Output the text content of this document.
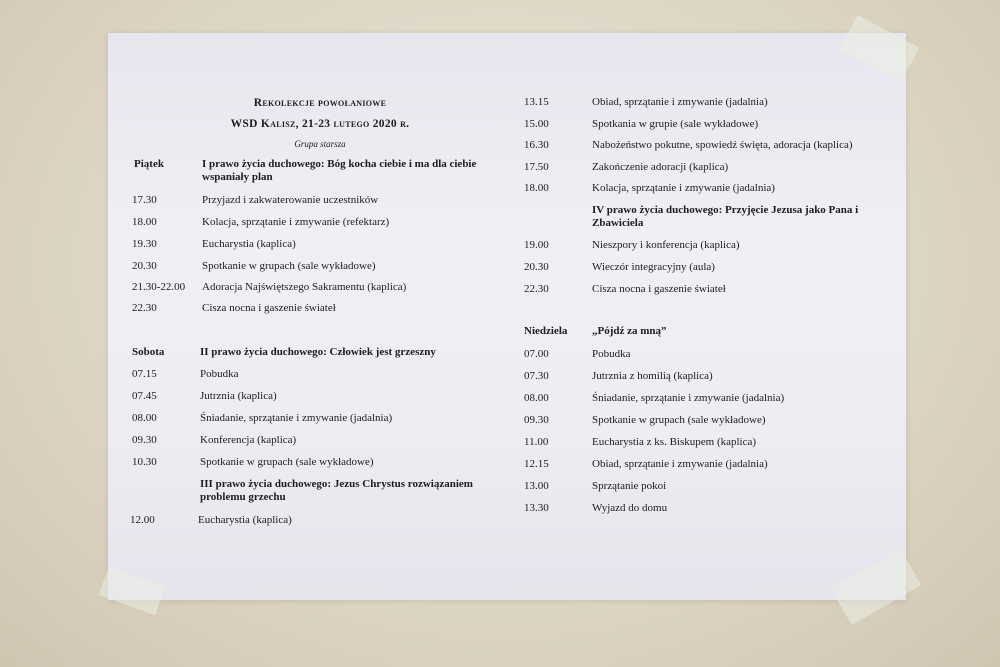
Rekolekcje powołaniowe
WSD Kalisz, 21-23 lutego 2020 r.
Grupa starsza
Piątek	I prawo życia duchowego: Bóg kocha ciebie i ma dla ciebie wspaniały plan
17.30	Przyjazd i zakwaterowanie uczestników
18.00	Kolacja, sprzątanie i zmywanie (refektarz)
19.30	Eucharystia (kaplica)
20.30	Spotkanie w grupach (sale wykładowe)
21.30-22.00	Adoracja Najświętszego Sakramentu (kaplica)
22.30	Cisza nocna i gaszenie świateł
Sobota	II prawo życia duchowego: Człowiek jest grzeszny
07.15	Pobudka
07.45	Jutrznia (kaplica)
08.00	Śniadanie, sprzątanie i zmywanie (jadalnia)
09.30	Konferencja (kaplica)
10.30	Spotkanie w grupach (sale wykładowe)
III prawo życia duchowego: Jezus Chrystus rozwiązaniem problemu grzechu
12.00	Eucharystia (kaplica)
13.15	Obiad, sprzątanie i zmywanie (jadalnia)
15.00	Spotkania w grupie (sale wykładowe)
16.30	Nabożeństwo pokutne, spowiedź święta, adoracja (kaplica)
17.50	Zakończenie adoracji (kaplica)
18.00	Kolacja, sprzątanie i zmywanie (jadalnia)
IV prawo życia duchowego: Przyjęcie Jezusa jako Pana i Zbawiciela
19.00	Nieszpory i konferencja (kaplica)
20.30	Wieczór integracyjny (aula)
22.30	Cisza nocna i gaszenie świateł
Niedziela „Pójdź za mną”
07.00	Pobudka
07.30	Jutrznia z homilią (kaplica)
08.00	Śniadanie, sprzątanie i zmywanie (jadalnia)
09.30	Spotkanie w grupach (sale wykładowe)
11.00	Eucharystia z ks. Biskupem (kaplica)
12.15	Obiad, sprzątanie i zmywanie (jadalnia)
13.00	Sprzątanie pokoi
13.30	Wyjazd do domu
